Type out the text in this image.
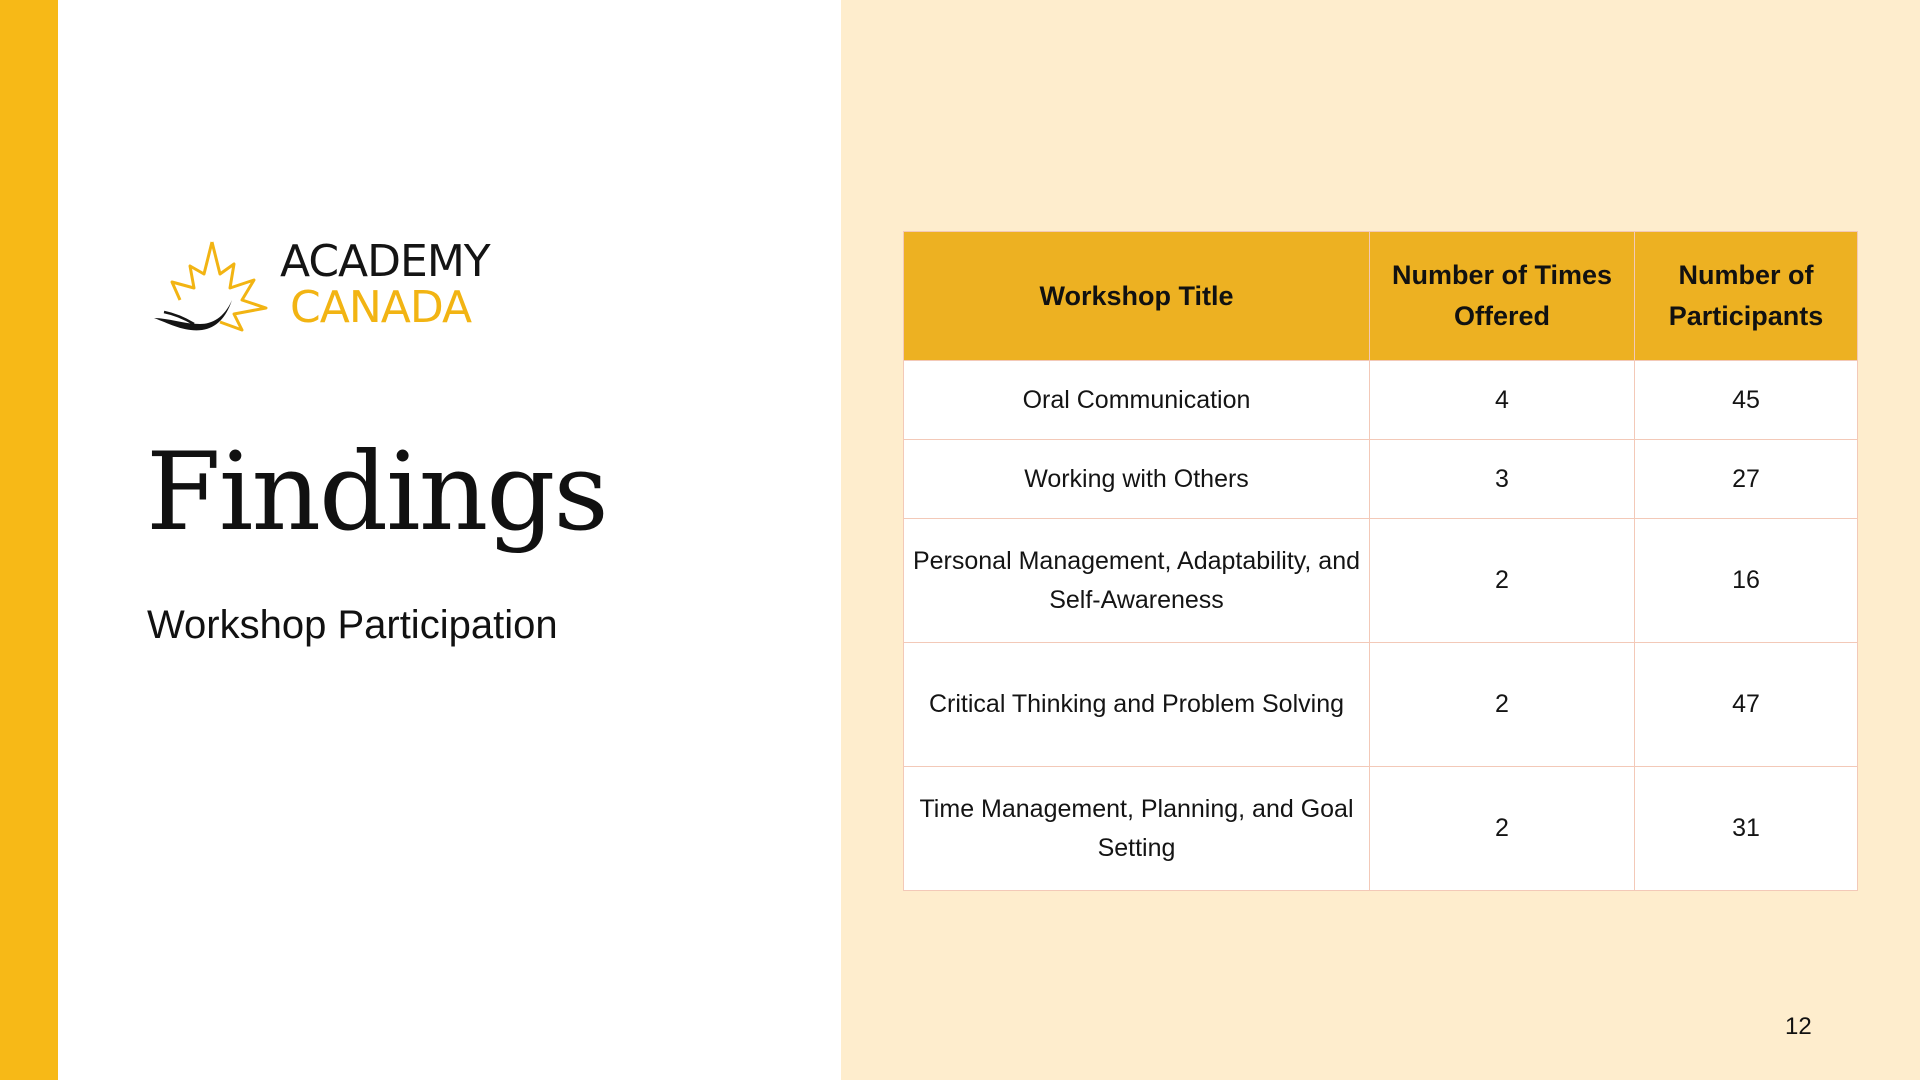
ACADEMY
CANADA
Findings
Workshop Participation
Workshop Title	Number of Times Offered	Number of Participants
Oral Communication	4	45
Working with Others	3	27
Personal Management, Adaptability, and Self-Awareness	2	16
Critical Thinking and Problem Solving	2	47
Time Management, Planning, and Goal Setting	2	31
12
